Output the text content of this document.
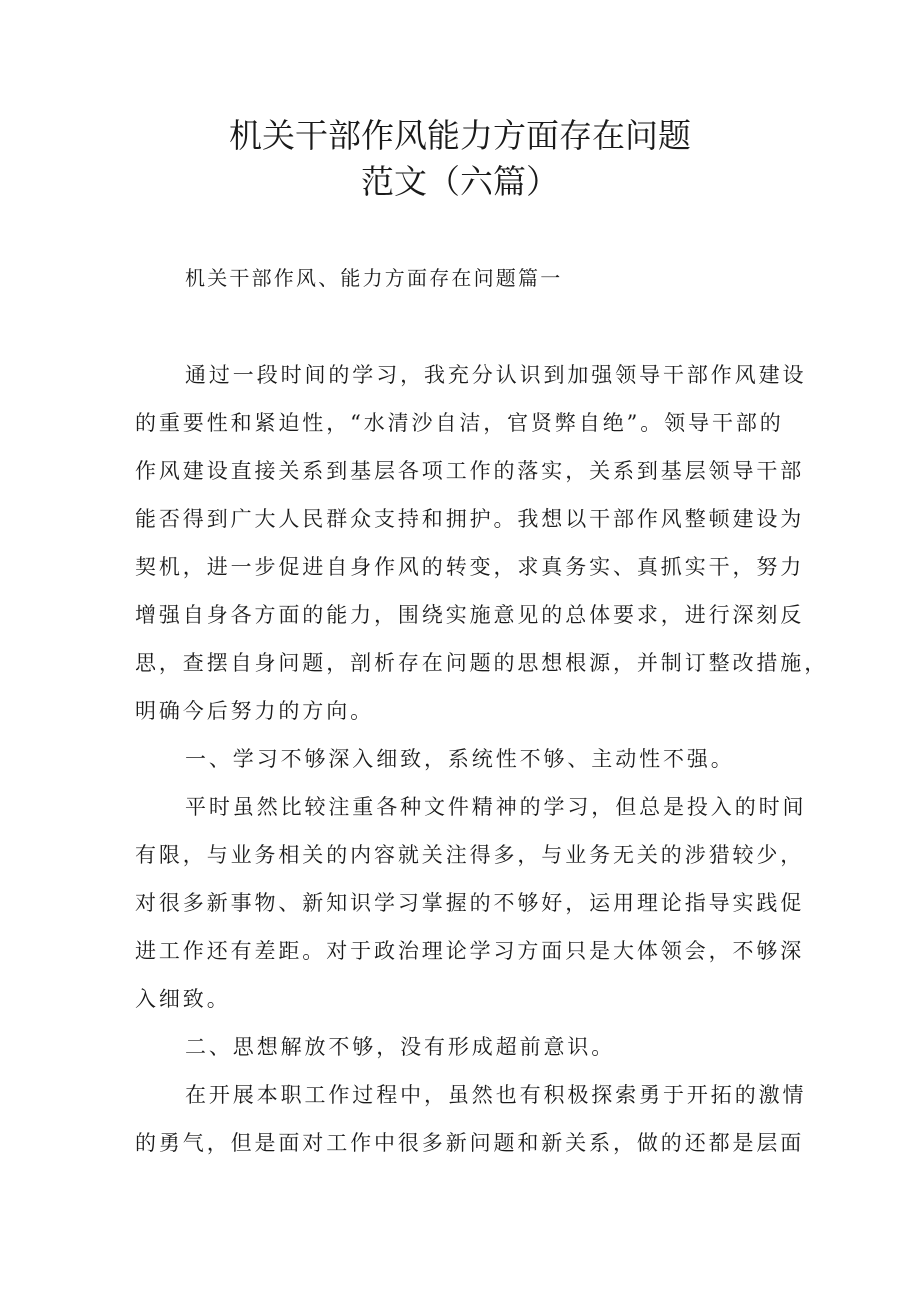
机关干部作风能力方面存在问题
范文（六篇）
机关干部作风、能力方面存在问题篇一
通过一段时间的学习，我充分认识到加强领导干部作风建设
的重要性和紧迫性，“水清沙自洁，官贤弊自绝”。领导干部的
作风建设直接关系到基层各项工作的落实，关系到基层领导干部
能否得到广大人民群众支持和拥护。我想以干部作风整顿建设为
契机，进一步促进自身作风的转变，求真务实、真抓实干，努力
增强自身各方面的能力，围绕实施意见的总体要求，进行深刻反
思，查摆自身问题，剖析存在问题的思想根源，并制订整改措施，
明确今后努力的方向。
一、学习不够深入细致，系统性不够、主动性不强。
平时虽然比较注重各种文件精神的学习，但总是投入的时间
有限，与业务相关的内容就关注得多，与业务无关的涉猎较少，
对很多新事物、新知识学习掌握的不够好，运用理论指导实践促
进工作还有差距。对于政治理论学习方面只是大体领会，不够深
入细致。
二、思想解放不够，没有形成超前意识。
在开展本职工作过程中，虽然也有积极探索勇于开拓的激情
的勇气，但是面对工作中很多新问题和新关系，做的还都是层面
